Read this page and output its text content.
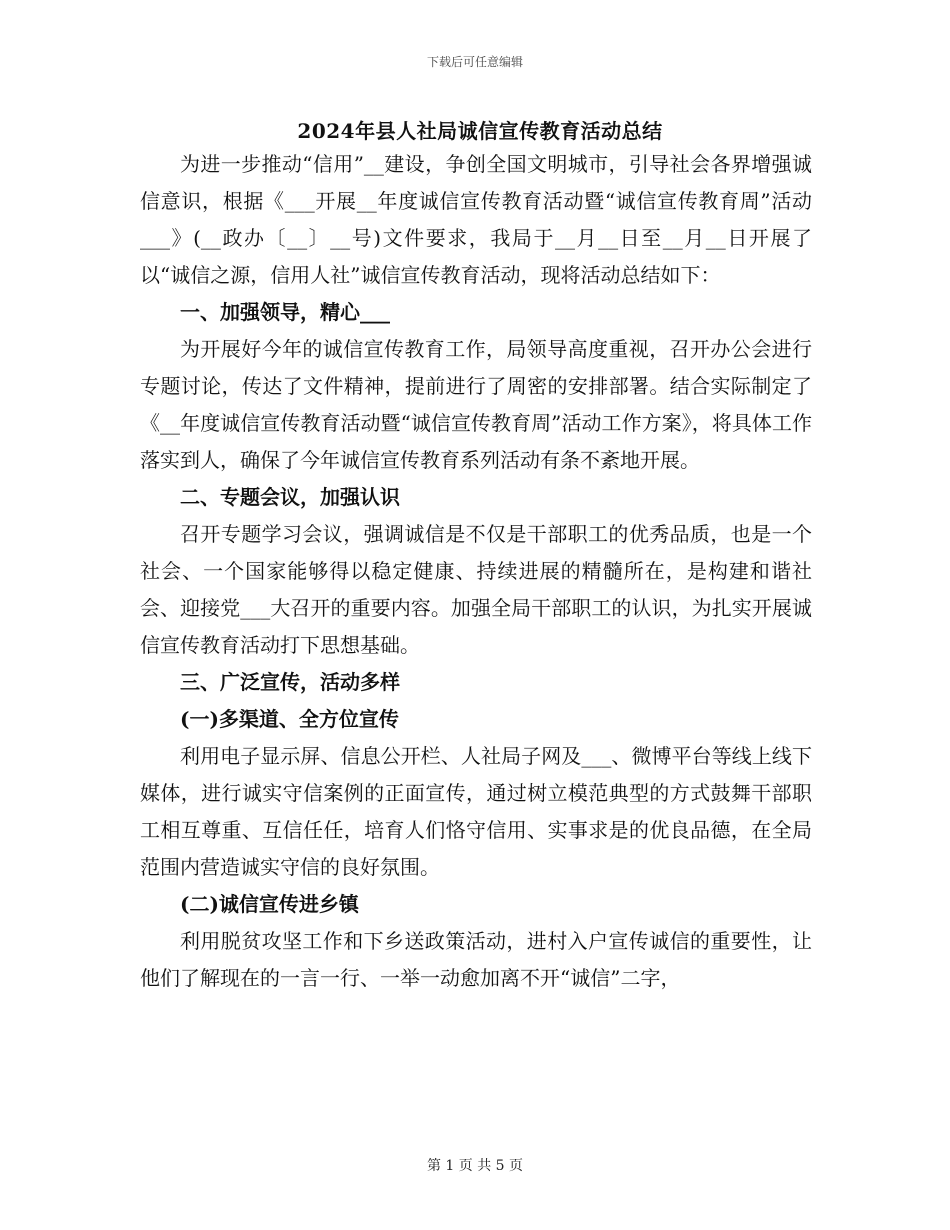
下载后可任意编辑
2024年县人社局诚信宣传教育活动总结

为进一步推动“信用”__建设，争创全国文明城市，引导社会各界增强诚信意识，根据《___开展__年度诚信宣传教育活动暨“诚信宣传教育周”活动___》(__政办〔__〕__号)文件要求，我局于__月__日至__月__日开展了以“诚信之源，信用人社”诚信宣传教育活动，现将活动总结如下：

一、加强领导，精心___

为开展好今年的诚信宣传教育工作，局领导高度重视，召开办公会进行专题讨论，传达了文件精神，提前进行了周密的安排部署。结合实际制定了《__年度诚信宣传教育活动暨“诚信宣传教育周”活动工作方案》，将具体工作落实到人，确保了今年诚信宣传教育系列活动有条不紊地开展。

二、专题会议，加强认识

召开专题学习会议，强调诚信是不仅是干部职工的优秀品质，也是一个社会、一个国家能够得以稳定健康、持续进展的精髓所在，是构建和谐社会、迎接党___大召开的重要内容。加强全局干部职工的认识，为扎实开展诚信宣传教育活动打下思想基础。

三、广泛宣传，活动多样
(一)多渠道、全方位宣传

利用电子显示屏、信息公开栏、人社局子网及___、微博平台等线上线下媒体，进行诚实守信案例的正面宣传，通过树立模范典型的方式鼓舞干部职工相互尊重、互信任任，培育人们恪守信用、实事求是的优良品德，在全局范围内营造诚实守信的良好氛围。

(二)诚信宣传进乡镇

利用脱贫攻坚工作和下乡送政策活动，进村入户宣传诚信的重要性，让他们了解现在的一言一行、一举一动愈加离不开“诚信”二字，

第 1 页 共 5 页
